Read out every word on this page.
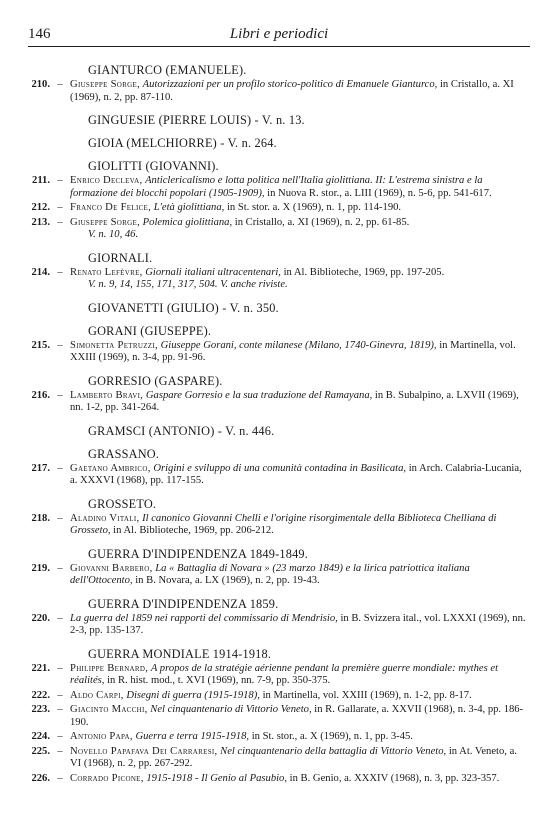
146	Libri e periodici
GIANTURCO (EMANUELE).
210. – Giuseppe Sorge, Autorizzazioni per un profilo storico-politico di Emanuele Gianturco, in Cristallo, a. XI (1969), n. 2, pp. 87-110.
GINGUESIE (PIERRE LOUIS) - V. n. 13.
GIOIA (MELCHIORRE) - V. n. 264.
GIOLITTI (GIOVANNI).
211. – Enrico Decleva, Anticlericalismo e lotta politica nell'Italia giolittiana. II: L'estrema sinistra e la formazione dei blocchi popolari (1905-1909), in Nuova R. stor., a. LIII (1969), n. 5-6, pp. 541-617.
212. – Franco De Felice, L'età giolittiana, in St. stor. a. X (1969), n. 1, pp. 114-190.
213. – Giuseppe Sorge, Polemica giolittiana, in Cristallo, a. XI (1969), n. 2, pp. 61-85.
V. n. 10, 46.
GIORNALI.
214. – Renato Lefèvre, Giornali italiani ultracentenari, in Al. Biblioteche, 1969, pp. 197-205.
V. n. 9, 14, 155, 171, 317, 504. V. anche riviste.
GIOVANETTI (GIULIO) - V. n. 350.
GORANI (GIUSEPPE).
215. – Simonetta Petruzzi, Giuseppe Gorani, conte milanese (Milano, 1740-Ginevra, 1819), in Martinella, vol. XXIII (1969), n. 3-4, pp. 91-96.
GORRESIO (GASPARE).
216. – Lamberto Bravi, Gaspare Gorresio e la sua traduzione del Ramayana, in B. Subalpino, a. LXVII (1969), nn. 1-2, pp. 341-264.
GRAMSCI (ANTONIO) - V. n. 446.
GRASSANO.
217. – Gaetano Ambrico, Origini e sviluppo di una comunità contadina in Basilicata, in Arch. Calabria-Lucania, a. XXXVI (1968), pp. 117-155.
GROSSETO.
218. – Aladino Vitali, Il canonico Giovanni Chelli e l'origine risorgimentale della Biblioteca Chelliana di Grosseto, in Al. Biblioteche, 1969, pp. 206-212.
GUERRA D'INDIPENDENZA 1849-1849.
219. – Giovanni Barbero, La « Battaglia di Novara » (23 marzo 1849) e la lirica patriottica italiana dell'Ottocento, in B. Novara, a. LX (1969), n. 2, pp. 19-43.
GUERRA D'INDIPENDENZA 1859.
220. – La guerra del 1859 nei rapporti del commissario di Mendrisio, in B. Svizzera ital., vol. LXXXI (1969), nn. 2-3, pp. 135-137.
GUERRA MONDIALE 1914-1918.
221. – Philippe Bernard, A propos de la stratégie aérienne pendant la première guerre mondiale: mythes et réalités, in R. hist. mod., t. XVI (1969), nn. 7-9, pp. 350-375.
222. – Aldo Carpi, Disegni di guerra (1915-1918), in Martinella, vol. XXIII (1969), n. 1-2, pp. 8-17.
223. – Giacinto Macchi, Nel cinquantenario di Vittorio Veneto, in R. Gallarate, a. XXVII (1968), n. 3-4, pp. 186-190.
224. – Antonio Papa, Guerra e terra 1915-1918, in St. stor., a. X (1969), n. 1, pp. 3-45.
225. – Novello Papafava Dei Carraresi, Nel cinquantenario della battaglia di Vittorio Veneto, in At. Veneto, a. VI (1968), n. 2, pp. 267-292.
226. – Corrado Picone, 1915-1918 - Il Genio al Pasubio, in B. Genio, a. XXXIV (1968), n. 3, pp. 323-357.
